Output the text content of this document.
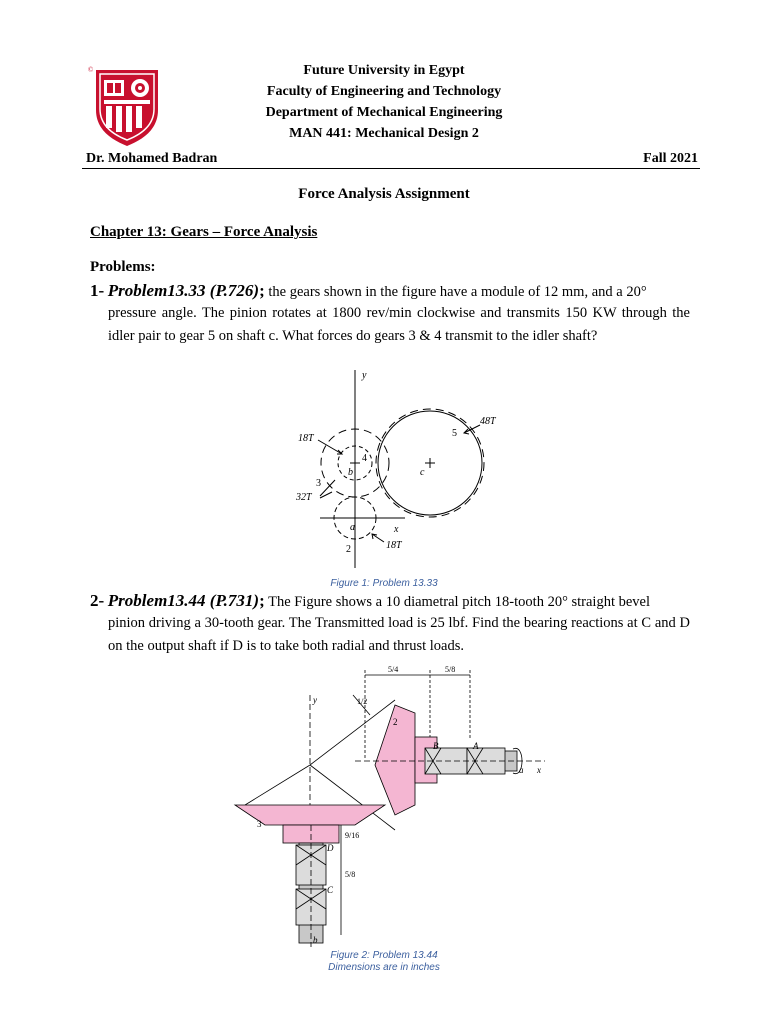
©	Future University in Egypt
Faculty of Engineering and Technology
Department of Mechanical Engineering
MAN 441: Mechanical Design 2
Dr. Mohamed Badran	Fall 2021
Force Analysis Assignment
Chapter 13: Gears – Force Analysis
Problems:
1- Problem13.33 (P.726); the gears shown in the figure have a module of 12 mm, and a 20°
pressure angle. The pinion rotates at 1800 rev/min clockwise and transmits 150 KW through the idler pair to gear 5 on shaft c. What forces do gears 3 & 4 transmit to the idler shaft?
y
48T
5
18T
4
b	c
3
32T
x
a
2	18T
Figure 1: Problem 13.33
2- Problem13.44 (P.731); The Figure shows a 10 diametral pitch 18-tooth 20° straight bevel
pinion driving a 30-tooth gear. The Transmitted load is 25 lbf. Find the bearing reactions at C and D on the output shaft if D is to take both radial and thrust loads.
5/4	5/8
1/2
y
2
3
B	A
a x
D
C
9/16
5/8
b
Figure 2: Problem 13.44
Dimensions are in inches
